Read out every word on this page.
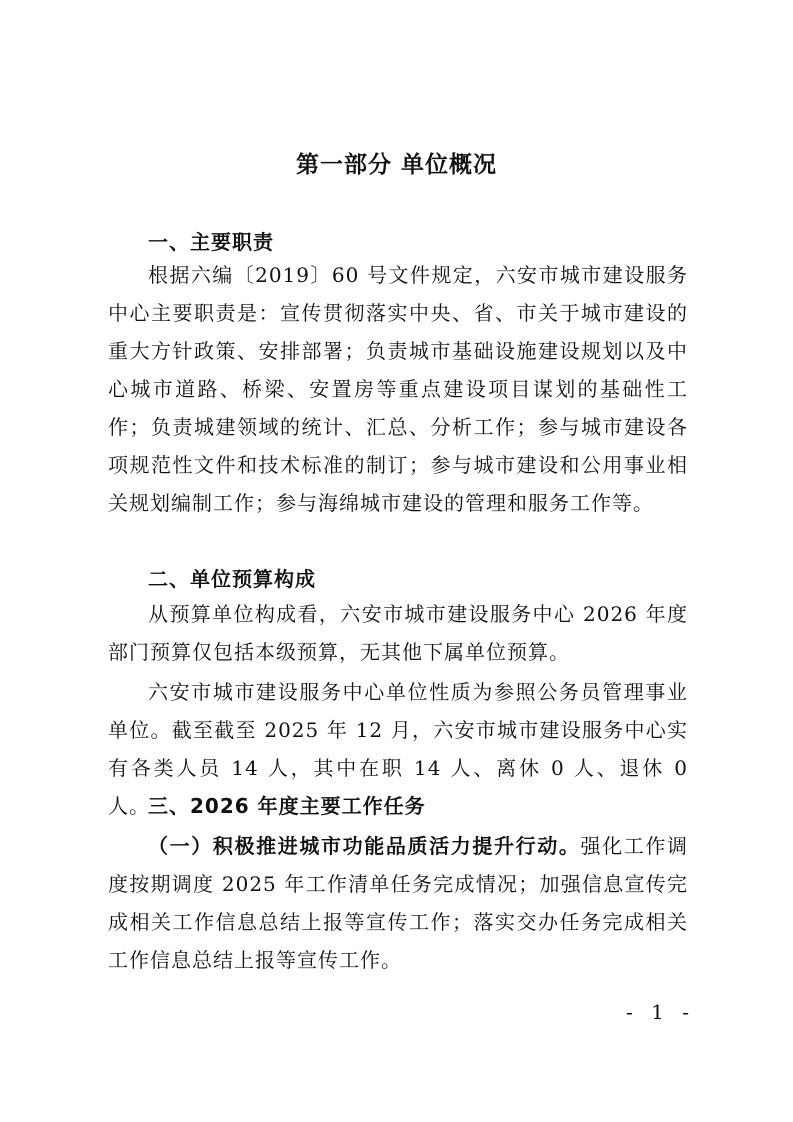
第一部分 单位概况
一、主要职责

根据六编〔2019〕60 号文件规定，六安市城市建设服务中心主要职责是：宣传贯彻落实中央、省、市关于城市建设的重大方针政策、安排部署；负责城市基础设施建设规划以及中心城市道路、桥梁、安置房等重点建设项目谋划的基础性工作；负责城建领域的统计、汇总、分析工作；参与城市建设各项规范性文件和技术标准的制订；参与城市建设和公用事业相关规划编制工作；参与海绵城市建设的管理和服务工作等。

二、单位预算构成

从预算单位构成看，六安市城市建设服务中心 2026 年度部门预算仅包括本级预算，无其他下属单位预算。

六安市城市建设服务中心单位性质为参照公务员管理事业单位。截至截至 2025 年 12 月，六安市城市建设服务中心实有各类人员 14 人，其中在职 14 人、离休 0 人、退休 0 人。

三、2026 年度主要工作任务

（一）积极推进城市功能品质活力提升行动。强化工作调度按期调度 2025 年工作清单任务完成情况；加强信息宣传完成相关工作信息总结上报等宣传工作；落实交办任务完成相关工作信息总结上报等宣传工作。

- 1 -
